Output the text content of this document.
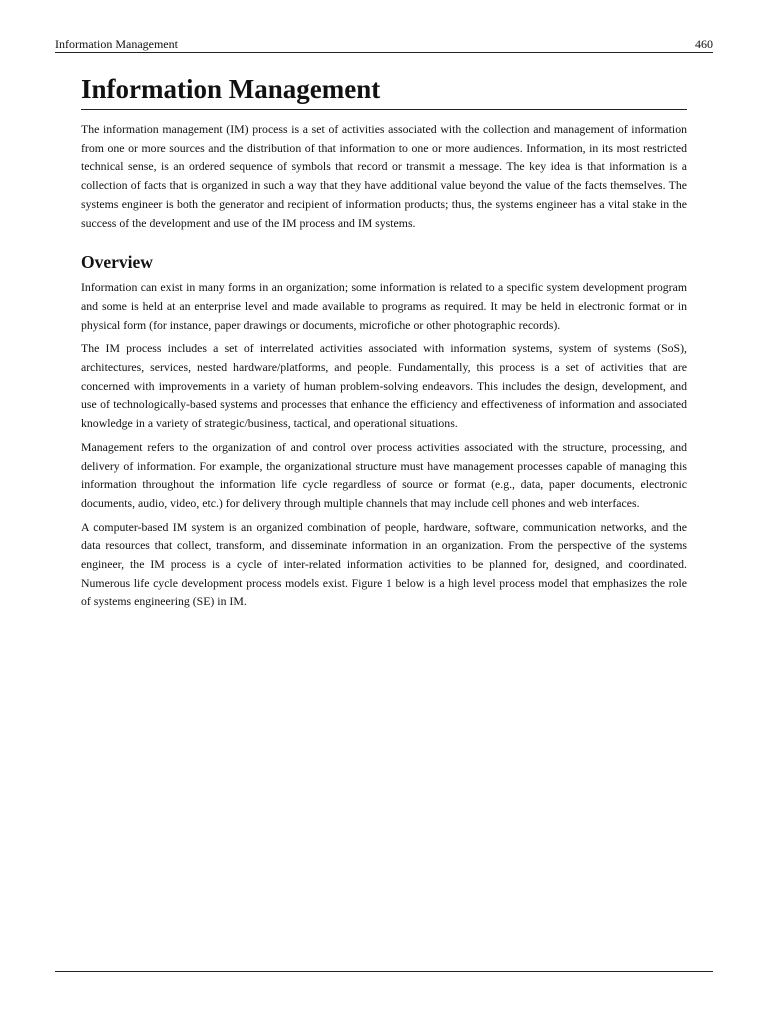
Information Management	460
Information Management

The information management (IM) process is a set of activities associated with the collection and management of information from one or more sources and the distribution of that information to one or more audiences. Information, in its most restricted technical sense, is an ordered sequence of symbols that record or transmit a message. The key idea is that information is a collection of facts that is organized in such a way that they have additional value beyond the value of the facts themselves. The systems engineer is both the generator and recipient of information products; thus, the systems engineer has a vital stake in the success of the development and use of the IM process and IM systems.

Overview

Information can exist in many forms in an organization; some information is related to a specific system development program and some is held at an enterprise level and made available to programs as required. It may be held in electronic format or in physical form (for instance, paper drawings or documents, microfiche or other photographic records).

The IM process includes a set of interrelated activities associated with information systems, system of systems (SoS), architectures, services, nested hardware/platforms, and people. Fundamentally, this process is a set of activities that are concerned with improvements in a variety of human problem-solving endeavors. This includes the design, development, and use of technologically-based systems and processes that enhance the efficiency and effectiveness of information and associated knowledge in a variety of strategic/business, tactical, and operational situations.

Management refers to the organization of and control over process activities associated with the structure, processing, and delivery of information. For example, the organizational structure must have management processes capable of managing this information throughout the information life cycle regardless of source or format (e.g., data, paper documents, electronic documents, audio, video, etc.) for delivery through multiple channels that may include cell phones and web interfaces.

A computer-based IM system is an organized combination of people, hardware, software, communication networks, and the data resources that collect, transform, and disseminate information in an organization. From the perspective of the systems engineer, the IM process is a cycle of inter-related information activities to be planned for, designed, and coordinated. Numerous life cycle development process models exist. Figure 1 below is a high level process model that emphasizes the role of systems engineering (SE) in IM.
